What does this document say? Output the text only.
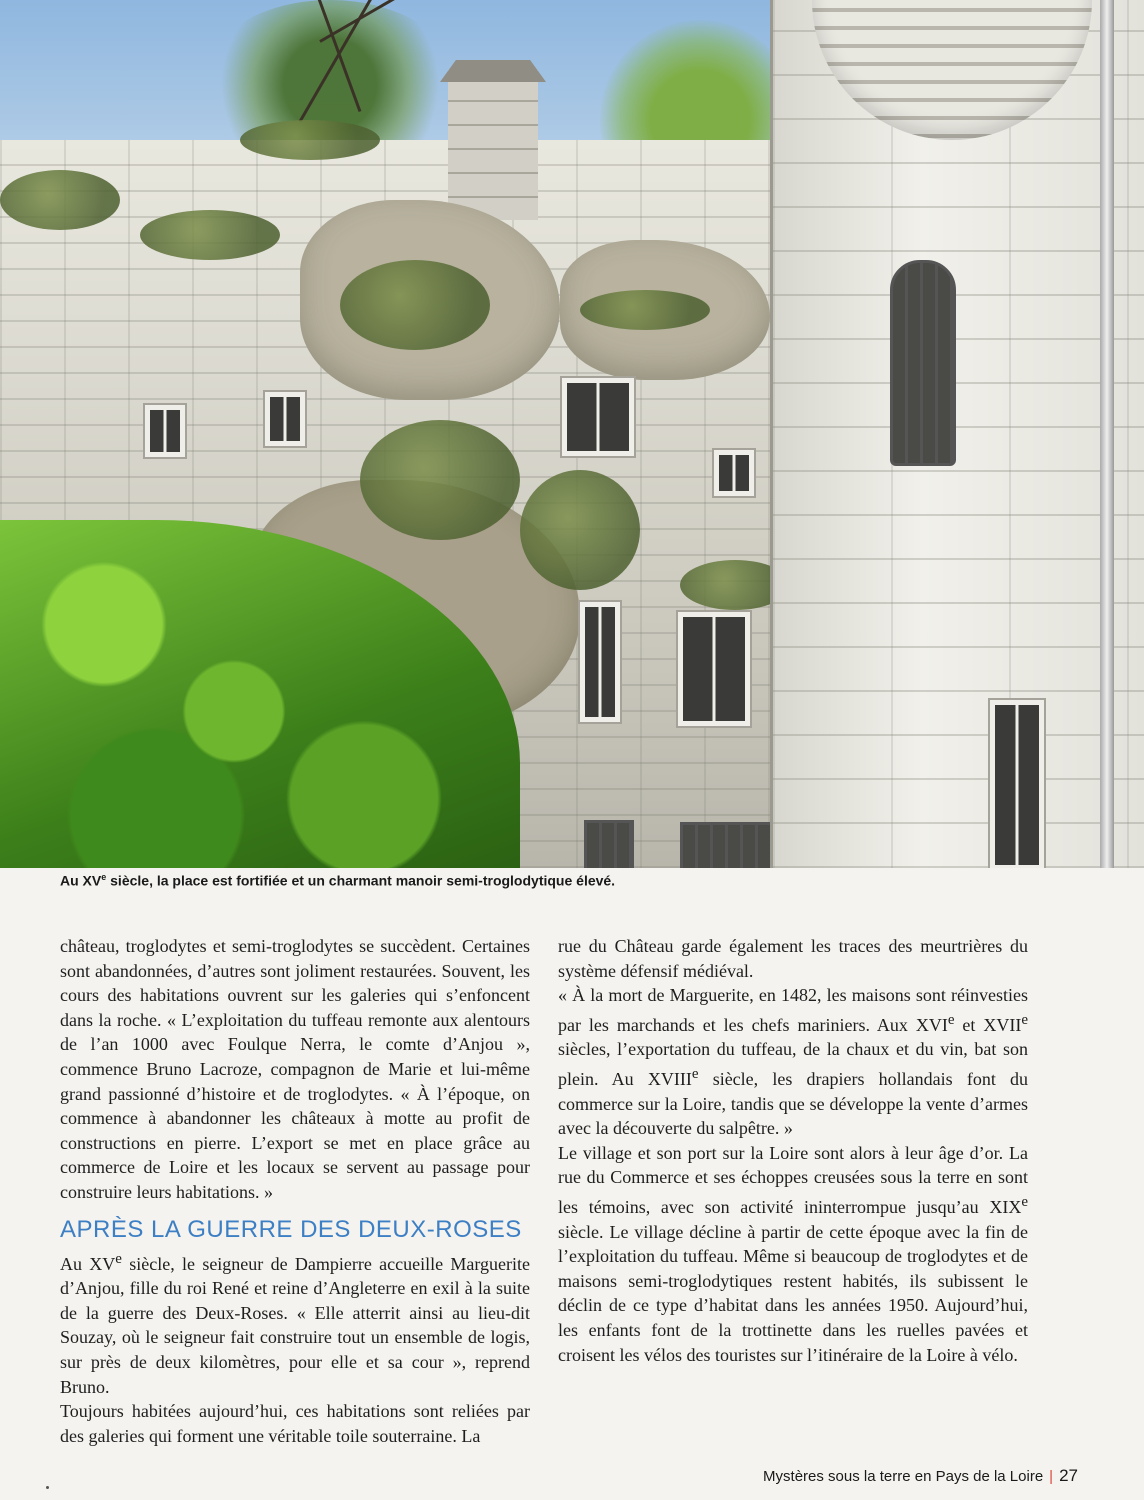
Au XVe siècle, la place est fortifiée et un charmant manoir semi-troglodytique élevé.

château, troglodytes et semi-troglodytes se succèdent. Certaines sont abandonnées, d’autres sont joliment restaurées. Souvent, les cours des habitations ouvrent sur les galeries qui s’enfoncent dans la roche. « L’exploitation du tuffeau remonte aux alentours de l’an 1000 avec Foulque Nerra, le comte d’Anjou », commence Bruno Lacroze, compagnon de Marie et lui-même grand passionné d’histoire et de troglodytes. « À l’époque, on commence à abandonner les châteaux à motte au profit de constructions en pierre. L’export se met en place grâce au commerce de Loire et les locaux se servent au passage pour construire leurs habitations. »

APRÈS LA GUERRE DES DEUX-ROSES

Au XVe siècle, le seigneur de Dampierre accueille Marguerite d’Anjou, fille du roi René et reine d’Angleterre en exil à la suite de la guerre des Deux-Roses. « Elle atterrit ainsi au lieu-dit Souzay, où le seigneur fait construire tout un ensemble de logis, sur près de deux kilomètres, pour elle et sa cour », reprend Bruno.

Toujours habitées aujourd’hui, ces habitations sont reliées par des galeries qui forment une véritable toile souterraine. La

rue du Château garde également les traces des meurtrières du système défensif médiéval.

« À la mort de Marguerite, en 1482, les maisons sont réinvesties par les marchands et les chefs mariniers. Aux XVIe et XVIIe siècles, l’exportation du tuffeau, de la chaux et du vin, bat son plein. Au XVIIIe siècle, les drapiers hollandais font du commerce sur la Loire, tandis que se développe la vente d’armes avec la découverte du salpêtre. »

Le village et son port sur la Loire sont alors à leur âge d’or. La rue du Commerce et ses échoppes creusées sous la terre en sont les témoins, avec son activité ininterrompue jusqu’au XIXe siècle. Le village décline à partir de cette époque avec la fin de l’exploitation du tuffeau. Même si beaucoup de troglodytes et de maisons semi-troglodytiques restent habités, ils subissent le déclin de ce type d’habitat dans les années 1950. Aujourd’hui, les enfants font de la trottinette dans les ruelles pavées et croisent les vélos des touristes sur l’itinéraire de la Loire à vélo.

Mystères sous la terre en Pays de la Loire | 27
